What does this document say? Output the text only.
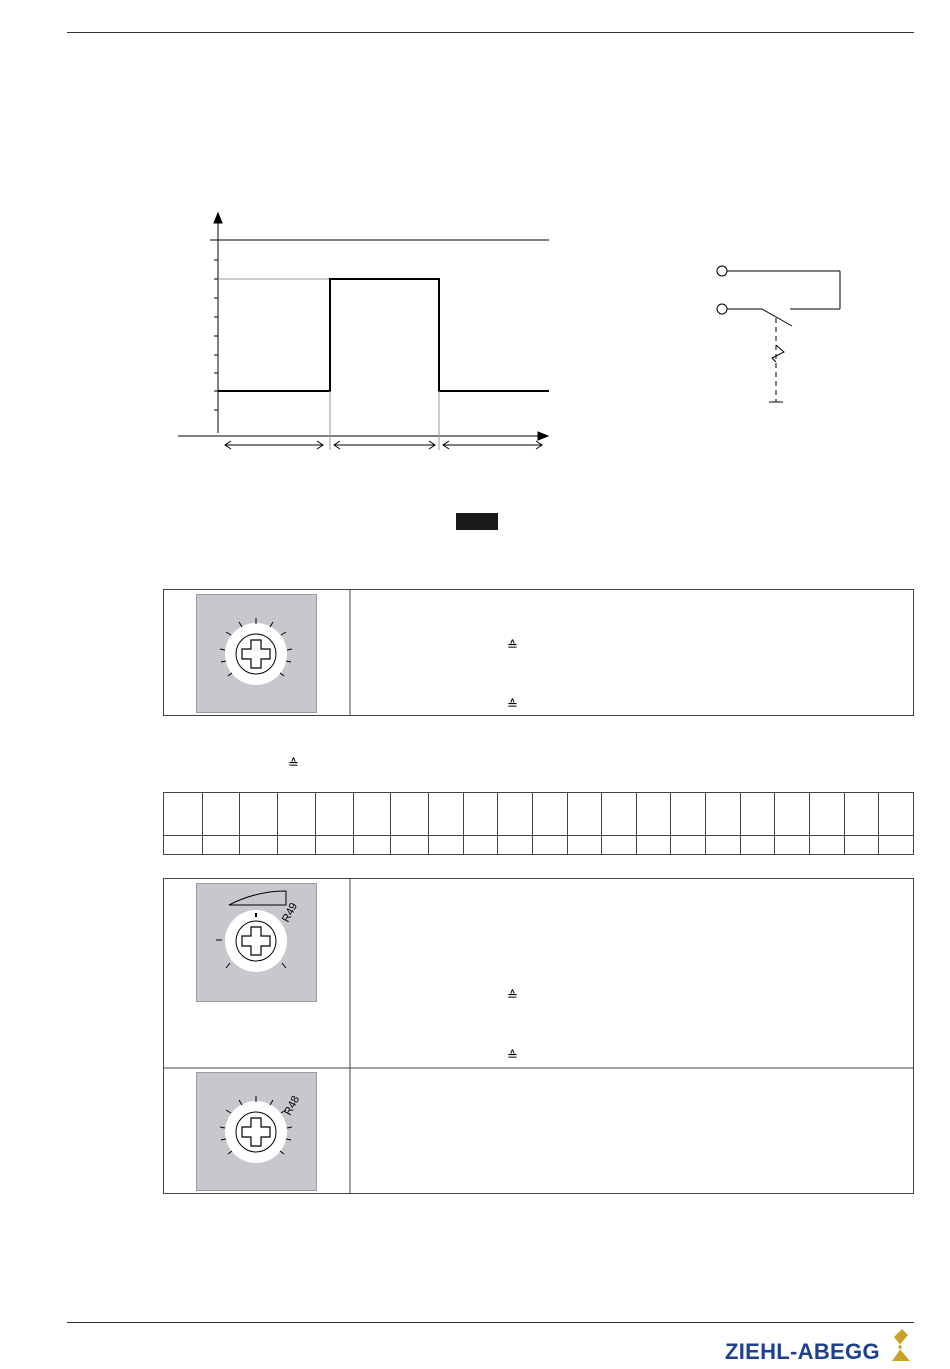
≙
≙
≙

R49
≙
≙
R48
ZIEHL-ABEGG
